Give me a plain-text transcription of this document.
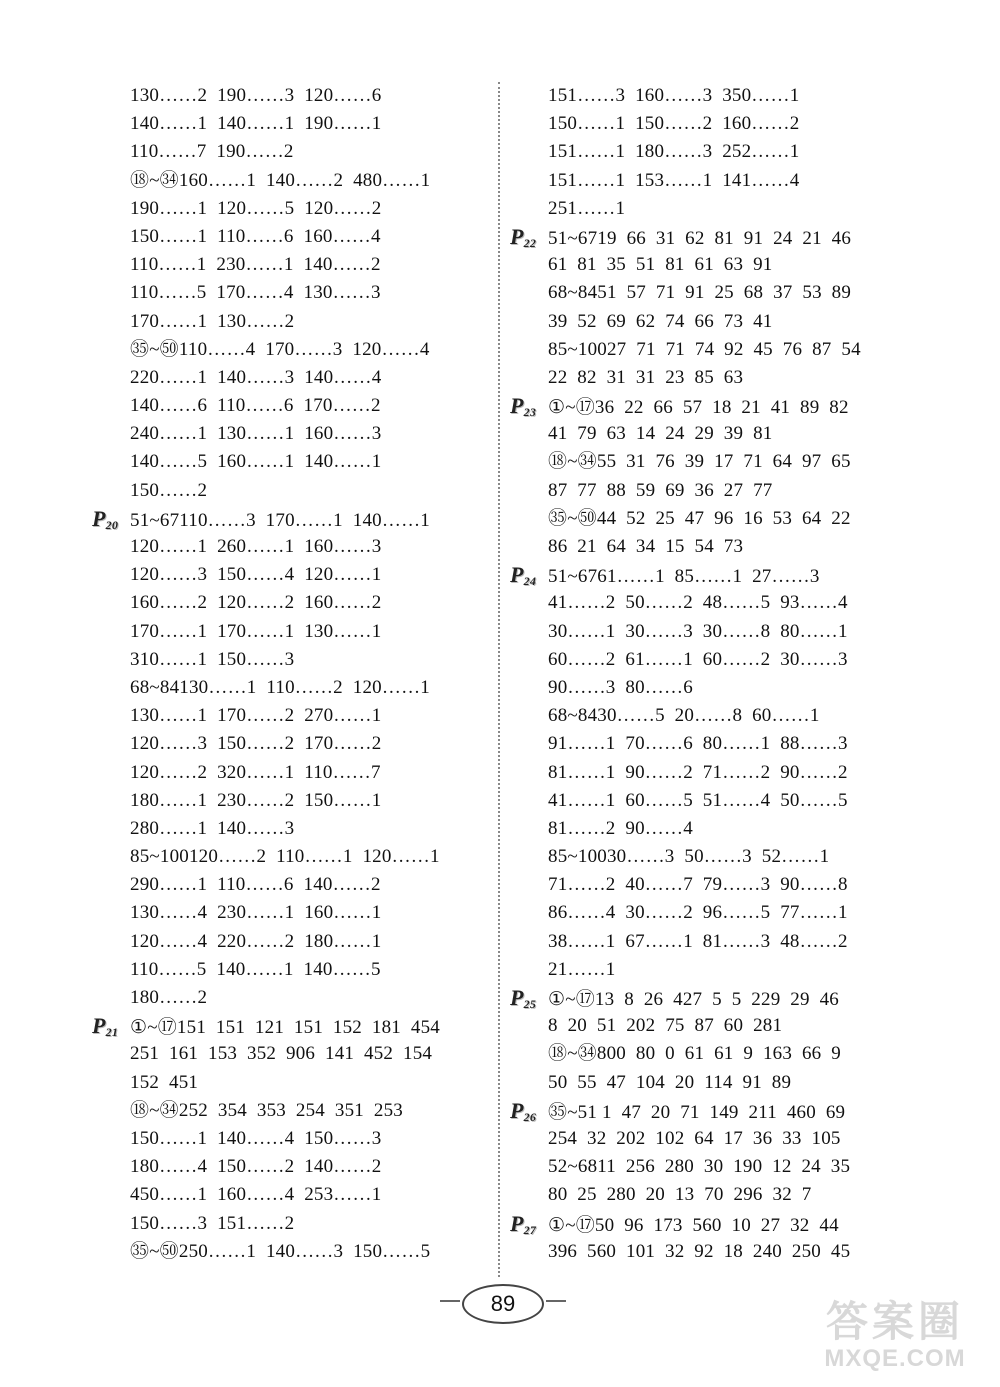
130……2  190……3  120……6
140……1  140……1  190……1
110……7  190……2
⑱~㉞160……1  140……2  480……1
190……1  120……5  120……2
150……1  110……6  160……4
110……1  230……1  140……2
110……5  170……4  130……3
170……1  130……2
㉟~㊿110……4  170……3  120……4
220……1  140……3  140……4
140……6  110……6  170……2
240……1  130……1  160……3
140……5  160……1  140……1
150……2
$P_{20}$ 51~67110……3  170……1  140……1
120……1  260……1  160……3
120……3  150……4  120……1
160……2  120……2  160……2
170……1  170……1  130……1
310……1  150……3
68~84130……1  110……2  120……1
130……1  170……2  270……1
120……3  150……2  170……2
120……2  320……1  110……7
180……1  230……2  150……1
280……1  140……3
85~100120……2  110……1  120……1
290……1  110……6  140……2
130……4  230……1  160……1
120……4  220……2  180……1
110……5  140……1  140……5
180……2
$P_{21}$ ①~⑰151  151  121  151  152  181  454
251  161  153  352  906  141  452  154
152  451
⑱~㉞252  354  353  254  351  253
150……1  140……4  150……3
180……4  150……2  140……2
450……1  160……4  253……1
150……3  151……2
㉟~㊿250……1  140……3  150……5
151……3  160……3  350……1
150……1  150……2  160……2
151……1  180……3  252……1
151……1  153……1  141……4
251……1
$P_{22}$ 51~6719  66  31  62  81  91  24  21  46
61  81  35  51  81  61  63  91
68~8451  57  71  91  25  68  37  53  89
39  52  69  62  74  66  73  41
85~10027  71  71  74  92  45  76  87  54
22  82  31  31  23  85  63
$P_{23}$ ①~⑰36  22  66  57  18  21  41  89  82
41  79  63  14  24  29  39  81
⑱~㉞55  31  76  39  17  71  64  97  65
87  77  88  59  69  36  27  77
㉟~㊿44  52  25  47  96  16  53  64  22
86  21  64  34  15  54  73
$P_{24}$ 51~6761……1  85……1  27……3
41……2  50……2  48……5  93……4
30……1  30……3  30……8  80……1
60……2  61……1  60……2  30……3
90……3  80……6
68~8430……5  20……8  60……1
91……1  70……6  80……1  88……3
81……1  90……2  71……2  90……2
41……1  60……5  51……4  50……5
81……2  90……4
85~10030……3  50……3  52……1
71……2  40……7  79……3  90……8
86……4  30……2  96……5  77……1
38……1  67……1  81……3  48……2
21……1
$P_{25}$ ①~⑰13  8  26  427  5  5  229  29  46
8  20  51  202  75  87  60  281
⑱~㉞800  80  0  61  61  9  163  66  9
50  55  47  104  20  114  91  89
$P_{26}$ ㉟~51 1  47  20  71  149  211  460  69
254  32  202  102  64  17  36  33  105
52~6811  256  280  30  190  12  24  35
80  25  280  20  13  70  296  32  7
$P_{27}$ ①~⑰50  96  173  560  10  27  32  44
396  560  101  32  92  18  240  250  45
89	答案圈
MXQE.COM
